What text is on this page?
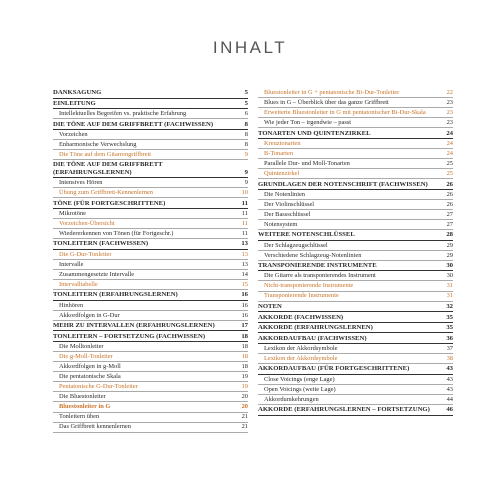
INHALT
DANKSAGUNG	5
EINLEITUNG	5
Intellektuelles Begreifen vs. praktische Erfahrung	6
DIE TÖNE AUF DEM GRIFFBRETT (FACHWISSEN)	8
Vorzeichen	8
Enharmonische Verwechslung	8
Die Töne auf dem Gitarrengriffbrett	9
DIE TÖNE AUF DEM GRIFFBRETT (ERFAHRUNGSLERNEN)	9
Intensives Hören	9
Übung zum Griffbrett-Kennenlernen	10
TÖNE (FÜR FORTGESCHRITTENE)	11
Mikrotöne	11
Vorzeichen-Übersicht	11
Wiedererkennen von Tönen (für Fortgeschr.)	11
TONLEITERN (FACHWISSEN)	13
Die G-Dur-Tonleiter	13
Intervalle	13
Zusammengesetzte Intervalle	14
Intervalltabelle	15
TONLEITERN (ERFAHRUNGSLERNEN)	16
Hinhören	16
Akkordfolgen in G-Dur	16
MEHR ZU INTERVALLEN (ERFAHRUNGSLERNEN)	17
TONLEITERN – FORTSETZUNG (FACHWISSEN)	18
Die Molltonleiter	18
Die g-Moll-Tonleiter	18
Akkordfolgen in g-Moll	18
Die pentatonische Skala	19
Pentatonische G-Dur-Tonleiter	19
Die Bluestonleiter	20
Bluestonleiter in G	20
Tonleitern üben	21
Das Griffbrett kennenlernen	21
Bluestonleiter in G + pentatonische Bi-Dur-Tonleiter	22
Blues in G – Überblick über das ganze Griffbrett	23
Erweiterte Bluestonleiter in G mit pentatonischer Bi-Dur-Skala	23
Wie jeder Ton – irgendwie – passt	23
TONARTEN UND QUINTENZIRKEL	24
Kreuztonarten	24
B-Tonarten	24
Parallele Dur- und Moll-Tonarten	25
Quintenzirkel	25
GRUNDLAGEN DER NOTENSCHRIFT (FACHWISSEN)	26
Die Notenlinien	26
Der Violinschlüssel	26
Der Bassschlüssel	27
Notensystem	27
WEITERE NOTENSCHLÜSSEL	28
Der Schlagzeugschlüssel	29
Verschiedene Schlagzeug-Notenlinien	29
TRANSPONIERENDE INSTRUMENTE	30
Die Gitarre als transponierendes Instrument	30
Nicht-transponierende Instrumente	31
Transponierende Instrumente	31
NOTEN	32
AKKORDE (FACHWISSEN)	35
AKKORDE (ERFAHRUNGSLERNEN)	35
AKKORDAUFBAU (FACHWISSEN)	36
Lexikon der Akkordsymbole	37
Lexikon der Akkordsymbole	38
AKKORDAUFBAU (FÜR FORTGESCHRITTENE)	43
Close Voicings (enge Lage)	43
Open Voicings (weite Lage)	43
Akkordumkehrungen	44
AKKORDE (ERFAHRUNGSLERNEN – FORTSETZUNG)	46
